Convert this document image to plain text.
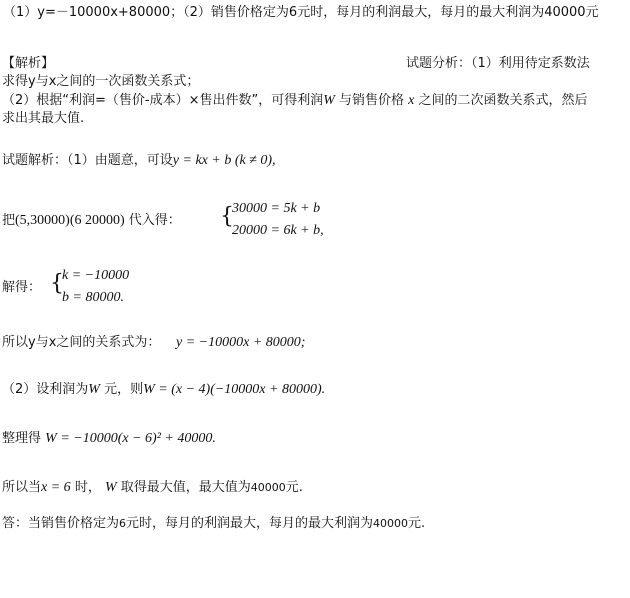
（1）y=－10000x+80000；（2）销售价格定为6元时，每月的利润最大，每月的最大利润为40000元
【解析】	试题分析：（1）利用待定系数法
求得y与x之间的一次函数关系式；
（2）根据“利润=（售价-成本）×售出件数”，可得利润W 与销售价格 x 之间的二次函数关系式，然后
求出其最大值.
试题解析：（1）由题意，可设y = kx + b (k ≠ 0),
把(5,30000)(6 20000) 代入得： {
30000 = 5k + b
20000 = 6k + b,
解得： {
k = −10000
b = 80000.
所以y与x之间的关系式为： y = −10000x + 80000;
（2）设利润为W 元，则W = (x − 4)(−10000x + 80000).
整理得 W = −10000(x − 6)² + 40000.
所以当x = 6 时， W 取得最大值，最大值为40000元.
答：当销售价格定为6元时，每月的利润最大，每月的最大利润为40000元.
